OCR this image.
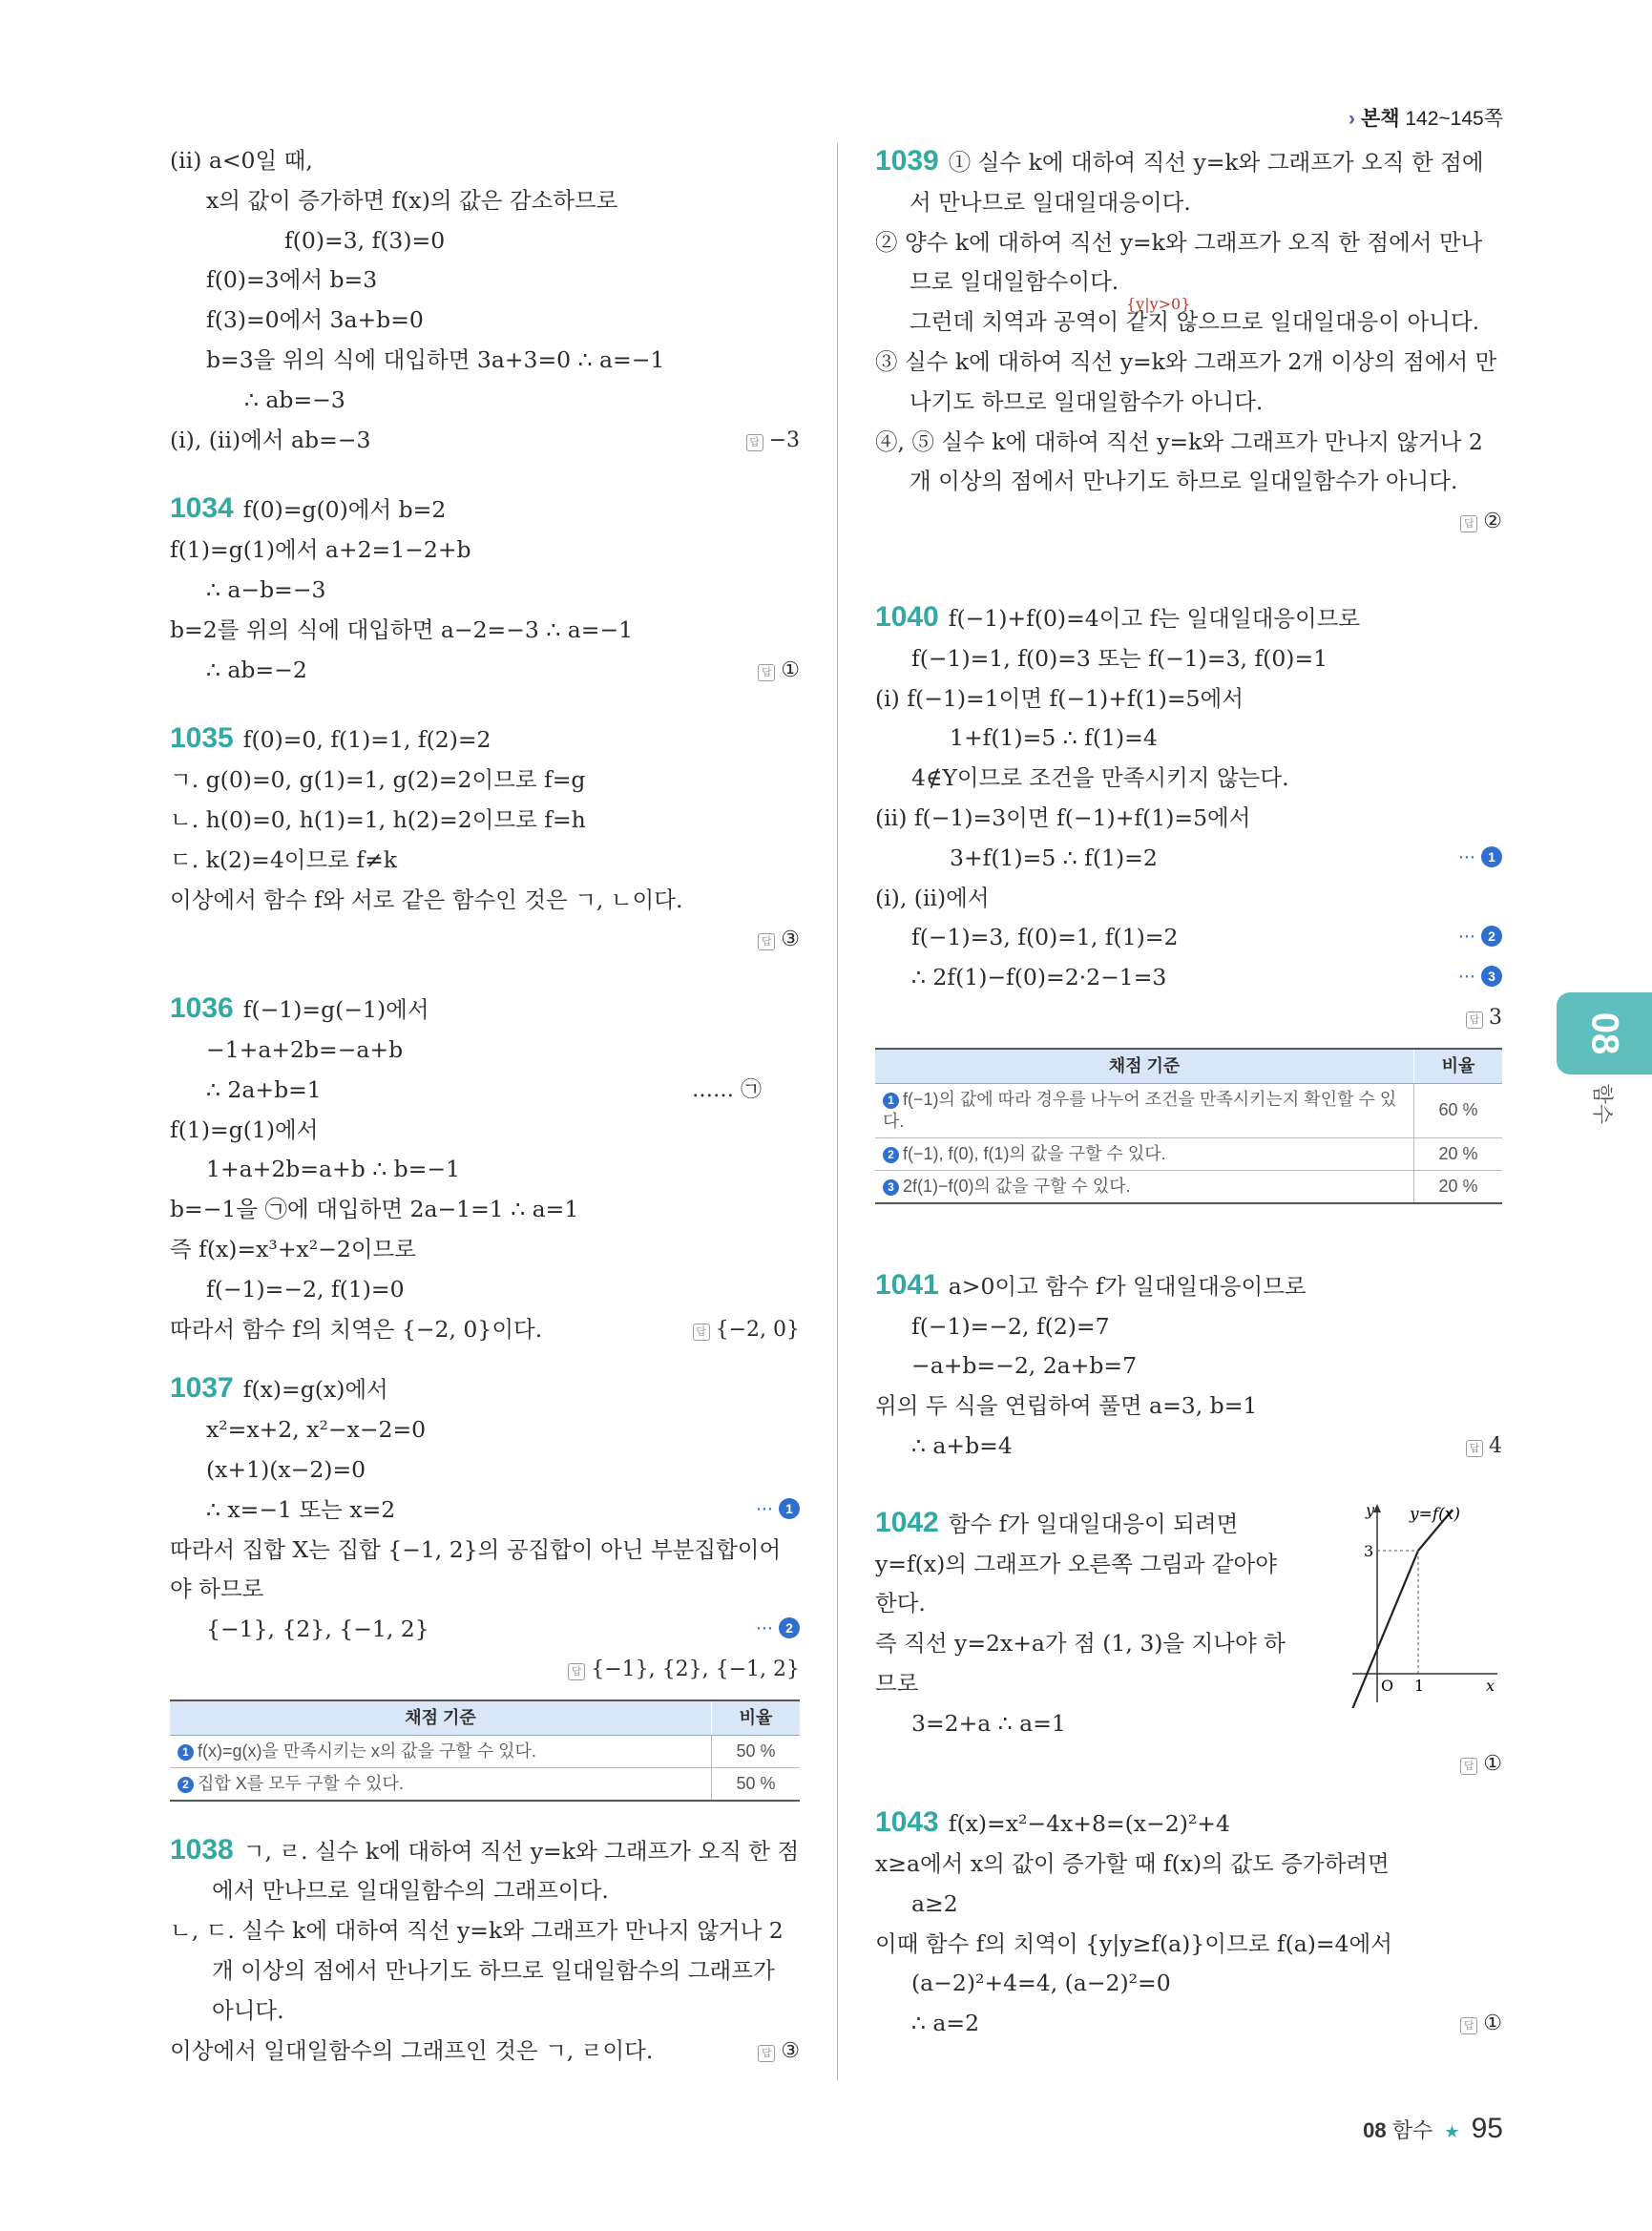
› 본책 142~145쪽
(ⅱ) a<0일 때,
x의 값이 증가하면 f(x)의 값은 감소하므로
f(0)=3, f(3)=0
f(0)=3에서 b=3
f(3)=0에서 3a+b=0
b=3을 위의 식에 대입하면 3a+3=0 ∴ a=−1
∴ ab=−3
(ⅰ), (ⅱ)에서 ab=−3	답 −3
1034 f(0)=g(0)에서 b=2
f(1)=g(1)에서 a+2=1−2+b
∴ a−b=−3
b=2를 위의 식에 대입하면 a−2=−3 ∴ a=−1
∴ ab=−2	답 ①
1035 f(0)=0, f(1)=1, f(2)=2
ㄱ. g(0)=0, g(1)=1, g(2)=2이므로 f=g
ㄴ. h(0)=0, h(1)=1, h(2)=2이므로 f=h
ㄷ. k(2)=4이므로 f≠k
이상에서 함수 f와 서로 같은 함수인 것은 ㄱ, ㄴ이다.
답 ③
1036 f(−1)=g(−1)에서
−1+a+2b=−a+b
∴ 2a+b=1	…… ㉠
f(1)=g(1)에서
1+a+2b=a+b ∴ b=−1
b=−1을 ㉠에 대입하면 2a−1=1 ∴ a=1
즉 f(x)=x³+x²−2이므로
f(−1)=−2, f(1)=0
따라서 함수 f의 치역은 {−2, 0}이다.	답 {−2, 0}
1037 f(x)=g(x)에서
x²=x+2, x²−x−2=0
(x+1)(x−2)=0
∴ x=−1 또는 x=2	··· 1
따라서 집합 X는 집합 {−1, 2}의 공집합이 아닌 부분집합이어야 하므로
{−1}, {2}, {−1, 2}	··· 2
답 {−1}, {2}, {−1, 2}
채점 기준	비율
1 f(x)=g(x)을 만족시키는 x의 값을 구할 수 있다.	50 %
2 집합 X를 모두 구할 수 있다.	50 %
1038 ㄱ, ㄹ. 실수 k에 대하여 직선 y=k와 그래프가 오직 한 점에서 만나므로 일대일함수의 그래프이다.
ㄴ, ㄷ. 실수 k에 대하여 직선 y=k와 그래프가 만나지 않거나 2개 이상의 점에서 만나기도 하므로 일대일함수의 그래프가 아니다.
이상에서 일대일함수의 그래프인 것은 ㄱ, ㄹ이다.	답 ③
1039 ① 실수 k에 대하여 직선 y=k와 그래프가 오직 한 점에서 만나므로 일대일대응이다.
② 양수 k에 대하여 직선 y=k와 그래프가 오직 한 점에서 만나므로 일대일함수이다.
그런데 치역과 공역이 같지 않으므로 일대일대응이 아니다.
③ 실수 k에 대하여 직선 y=k와 그래프가 2개 이상의 점에서 만나기도 하므로 일대일함수가 아니다.
④, ⑤ 실수 k에 대하여 직선 y=k와 그래프가 만나지 않거나 2개 이상의 점에서 만나기도 하므로 일대일함수가 아니다.
답 ②
{y|y>0}
1040 f(−1)+f(0)=4이고 f는 일대일대응이므로
f(−1)=1, f(0)=3 또는 f(−1)=3, f(0)=1
(ⅰ) f(−1)=1이면 f(−1)+f(1)=5에서
1+f(1)=5 ∴ f(1)=4
4∉Y이므로 조건을 만족시키지 않는다.
(ⅱ) f(−1)=3이면 f(−1)+f(1)=5에서
3+f(1)=5 ∴ f(1)=2	··· 1
(ⅰ), (ⅱ)에서
f(−1)=3, f(0)=1, f(1)=2	··· 2
∴ 2f(1)−f(0)=2·2−1=3	··· 3
답 3
채점 기준	비율
1 f(−1)의 값에 따라 경우를 나누어 조건을 만족시키는지 확인할 수 있다.	60 %
2 f(−1), f(0), f(1)의 값을 구할 수 있다.	20 %
3 2f(1)−f(0)의 값을 구할 수 있다.	20 %
1041 a>0이고 함수 f가 일대일대응이므로
f(−1)=−2, f(2)=7
−a+b=−2, 2a+b=7
위의 두 식을 연립하여 풀면 a=3, b=1
∴ a+b=4	답 4
1042 함수 f가 일대일대응이 되려면
y=f(x)의 그래프가 오른쪽 그림과 같아야
한다.
즉 직선 y=2x+a가 점 (1, 3)을 지나야 하
므로
3=2+a ∴ a=1
답 ①
y y=f(x)
3
O 1	x
1043 f(x)=x²−4x+8=(x−2)²+4
x≥a에서 x의 값이 증가할 때 f(x)의 값도 증가하려면
a≥2
이때 함수 f의 치역이 {y|y≥f(a)}이므로 f(a)=4에서
(a−2)²+4=4, (a−2)²=0
∴ a=2	답 ①
08
함수
08 함수 ★ 95
